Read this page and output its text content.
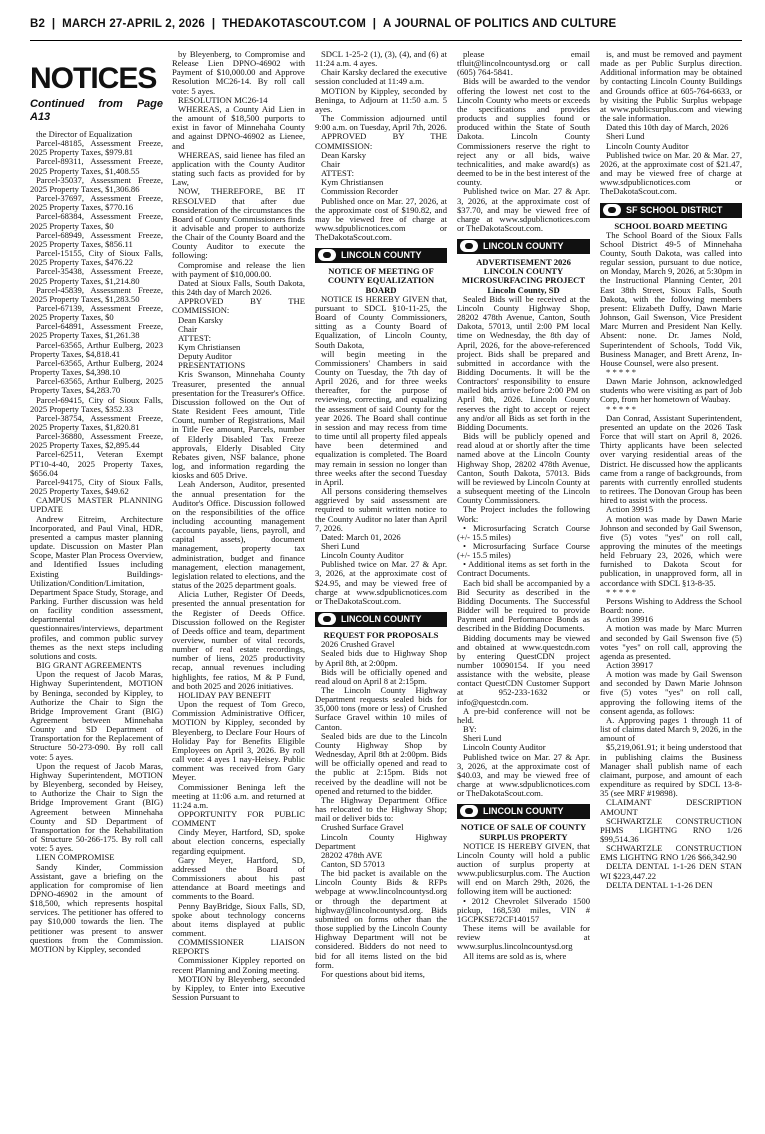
B2  |  MARCH 27-APRIL 2, 2026  |  THEDAKOTASCOUT.COM  |  A JOURNAL OF POLITICS AND CULTURE
NOTICES
Continued from Page A13

the Director of Equalization

Parcel-48185, Assessment Freeze, 2025 Property Taxes, $979.81

Parcel-89311, Assessment Freeze, 2025 Property Taxes, $1,408.55

Parcel-35037, Assessment Freeze, 2025 Property Taxes, $1,306.86

Parcel-37697, Assessment Freeze, 2025 Property Taxes, $770.16

Parcel-68384, Assessment Freeze, 2025 Property Taxes, $0

Parcel-68949, Assessment Freeze, 2025 Property Taxes, $856.11

Parcel-15155, City of Sioux Falls, 2025 Property Taxes, $476.22

Parcel-35438, Assessment Freeze, 2025 Property Taxes, $1,214.80

Parcel-45839, Assessment Freeze, 2025 Property Taxes, $1,283.50

Parcel-67139, Assessment Freeze, 2025 Property Taxes, $0

Parcel-64891, Assessment Freeze, 2025 Property Taxes, $1,261.38

Parcel-63565, Arthur Eulberg, 2023 Property Taxes, $4,818.41

Parcel-63565, Arthur Eulberg, 2024 Property Taxes, $4,398.10

Parcel-63565, Arthur Eulberg, 2025 Property Taxes, $4,283.70

Parcel-69415, City of Sioux Falls, 2025 Property Taxes, $352.33

Parcel-38754, Assessment Freeze, 2025 Property Taxes, $1,820.81

Parcel-36880, Assessment Freeze, 2025 Property Taxes, $2,895.44

Parcel-62511, Veteran Exempt PT10-4-40, 2025 Property Taxes, $656.04

Parcel-94175, City of Sioux Falls, 2025 Property Taxes, $49.62

CAMPUS MASTER PLANNING UPDATE

Andrew Eitreim, Architecture Incorporated, and Paul Vinal, HDR, presented a campus master planning update. Discussion on Master Plan Scope, Master Plan Process Overview, and Identified Issues including Existing Buildings-Utilization/Condition/Limitation, Department Space Study, Storage, and Parking. Further discussion was held on facility condition assessment, departmental questionnaires/interviews, department profiles, and common public survey themes as the next steps including solutions and costs.

BIG GRANT AGREEMENTS

Upon the request of Jacob Maras, Highway Superintendent, MOTION by Beninga, seconded by Kippley, to Authorize the Chair to Sign the Bridge Improvement Grant (BIG) Agreement between Minnehaha County and SD Department of Transportation for the Replacement of Structure 50-273-090. By roll call vote: 5 ayes.

Upon the request of Jacob Maras, Highway Superintendent, MOTION by Bleyenberg, seconded by Heisey, to Authorize the Chair to Sign the Bridge Improvement Grant (BIG) Agreement between Minnehaha County and SD Department of Transportation for the Rehabilitation of Structure 50-266-175. By roll call vote: 5 ayes.

LIEN COMPROMISE

Sandy Kinder, Commission Assistant, gave a briefing on the application for compromise of lien DPNO-46902 in the amount of $18,500, which represents hospital services. The petitioner has offered to pay $10,000 towards the lien. The petitioner was present to answer questions from the Commission. MOTION by Kippley, seconded

by Bleyenberg, to Compromise and Release Lien DPNO-46902 with Payment of $10,000.00 and Approve Resolution MC26-14. By roll call vote: 5 ayes.

RESOLUTION MC26-14

WHEREAS, a County Aid Lien in the amount of $18,500 purports to exist in favor of Minnehaha County and against DPNO-46902 as Lienee, and

WHEREAS, said lienee has filed an application with the County Auditor stating such facts as provided for by Law,

NOW, THEREFORE, BE IT RESOLVED that after due consideration of the circumstances the Board of County Commissioners finds it advisable and proper to authorize the Chair of the County Board and the County Auditor to execute the following:

Compromise and release the lien with payment of $10,000.00.

Dated at Sioux Falls, South Dakota, this 24th day of March 2026.

APPROVED BY THE COMMISSION:

Dean Karsky

Chair

ATTEST:

Kym Christiansen

Deputy Auditor

PRESENTATIONS

Kris Swanson, Minnehaha County Treasurer, presented the annual presentation for the Treasurer's Office. Discussion followed on the Out of State Resident Fees amount, Title Count, number of Registrations, Mail in Title Fee amount, Parcels, number of Elderly Disabled Tax Freeze approvals, Elderly Disabled City Rebates given, NSF balance, phone log, and information regarding the kiosks and 605 Drive.

Leah Anderson, Auditor, presented the annual presentation for the Auditor's Office. Discussion followed on the responsibilities of the office including accounting management (accounts payable, liens, payroll, and capital assets), document management, property tax administration, budget and finance management, election management, legislation related to elections, and the status of the 2025 department goals.

Alicia Luther, Register Of Deeds, presented the annual presentation for the Register of Deeds Office. Discussion followed on the Register of Deeds office and team, department overview, number of vital records, number of real estate recordings, number of liens, 2025 productivity recap, annual revenues including highlights, fee ratios, M & P Fund, and both 2025 and 2026 initiatives.

HOLIDAY PAY BENEFIT

Upon the request of Tom Greco, Commission Administrative Officer, MOTION by Kippley, seconded by Bleyenberg, to Declare Four Hours of Holiday Pay for Benefits Eligible Employees on April 3, 2026. By roll call vote: 4 ayes 1 nay-Heisey. Public comment was received from Gary Meyer.

Commissioner Beninga left the meeting at 11:06 a.m. and returned at 11:24 a.m.

OPPORTUNITY FOR PUBLIC COMMENT

Cindy Meyer, Hartford, SD, spoke about election concerns, especially regarding equipment.

Gary Meyer, Hartford, SD, addressed the Board of Commissioners about his past attendance at Board meetings and comments to the Board.

Penny BayBridge, Sioux Falls, SD, spoke about technology concerns about items displayed at public comment.

COMMISSIONER LIAISON REPORTS

Commissioner Kippley reported on recent Planning and Zoning meeting.

MOTION by Bleyenberg, seconded by Kippley, to Enter into Executive Session Pursuant to

SDCL 1-25-2 (1), (3), (4), and (6) at 11:24 a.m. 4 ayes.

Chair Karsky declared the executive session concluded at 11:49 a.m.

MOTION by Kippley, seconded by Beninga, to Adjourn at 11:50 a.m. 5 ayes.

The Commission adjourned until 9:00 a.m. on Tuesday, April 7th, 2026.

APPROVED BY THE COMMISSION:

Dean Karsky

Chair

ATTEST:

Kym Christiansen

Commission Recorder

Published once on Mar. 27, 2026, at the approximate cost of $190.82, and may be viewed free of charge at www.sdpublicnotices.com or TheDakotaScout.com.

LINCOLN COUNTY

NOTICE OF MEETING OF COUNTY EQUALIZATION BOARD

NOTICE IS HEREBY GIVEN that, pursuant to SDCL §10-11-25, the Board of County Commissioners, sitting as a County Board of Equalization, of Lincoln County, South Dakota,

will begin meeting in the Commissioners' Chambers in said County on Tuesday, the 7th day of April 2026, and for three weeks thereafter, for the purpose of reviewing, correcting, and equalizing the assessment of said County for the year 2026. The Board shall continue in session and may recess from time to time until all property filed appeals have been determined and equalization is completed. The Board may remain in session no longer than three weeks after the second Tuesday in April.

All persons considering themselves aggrieved by said assessment are required to submit written notice to the County Auditor no later than April 7, 2026.

Dated: March 01, 2026

Sheri Lund

Lincoln County Auditor

Published twice on Mar. 27 & Apr. 3, 2026, at the approximate cost of $24.95, and may be viewed free of charge at www.sdpublicnotices.com or TheDakotaScout.com.

LINCOLN COUNTY

REQUEST FOR PROPOSALS

2026 Crushed Gravel

Sealed bids due to Highway Shop by April 8th, at 2:00pm.

Bids will be officially opened and read aloud on April 8 at 2:15pm.

The Lincoln County Highway Department requests sealed bids for 35,000 tons (more or less) of Crushed Surface Gravel within 10 miles of Canton.

Sealed bids are due to the Lincoln County Highway Shop by Wednesday, April 8th at 2:00pm. Bids will be officially opened and read to the public at 2:15pm. Bids not received by the deadline will not be opened and returned to the bidder.

The Highway Department Office has relocated to the Highway Shop; mail or deliver bids to:

Crushed Surface Gravel

Lincoln County Highway Department

28202 478th AVE

Canton, SD 57013

The bid packet is available on the Lincoln County Bids & RFPs webpage at www.lincolncountysd.org or through the department at highway@lincolncountysd.org. Bids submitted on forms other than the those supplied by the Lincoln County Highway Department will not be considered. Bidders do not need to bid for all items listed on the bid form.

For questions about bid items,

please email tfluit@lincolncountysd.org or call (605) 764-5841.

Bids will be awarded to the vendor offering the lowest net cost to the Lincoln County who meets or exceeds the specifications and provides products and supplies found or produced within the State of South Dakota. Lincoln County Commissioners reserve the right to reject any or all bids, waive technicalities, and make award(s) as deemed to be in the best interest of the county.

Published twice on Mar. 27 & Apr. 3, 2026, at the approximate cost of $37.70, and may be viewed free of charge at www.sdpublicnotices.com or TheDakotaScout.com.

LINCOLN COUNTY

ADVERTISEMENT 2026 LINCOLN COUNTY MICROSURFACING PROJECT

Lincoln County, SD

Sealed Bids will be received at the Lincoln County Highway Shop, 28202 478th Avenue, Canton, South Dakota, 57013, until 2:00 PM local time on Wednesday, the 8th day of April, 2026, for the above-referenced project. Bids shall be prepared and submitted in accordance with the Bidding Documents. It will be the Contractors' responsibility to ensure mailed bids arrive before 2:00 PM on April 8th, 2026. Lincoln County reserves the right to accept or reject any and/or all Bids as set forth in the Bidding Documents.

Bids will be publicly opened and read aloud at or shortly after the time named above at the Lincoln County Highway Shop, 28202 478th Avenue, Canton, South Dakota, 57013. Bids will be reviewed by Lincoln County at a subsequent meeting of the Lincoln County Commissioners.

The Project includes the following Work:

• Microsurfacing Scratch Course (+/- 15.5 miles)

• Microsurfacing Surface Course (+/- 15.5 miles)

• Additional items as set forth in the Contract Documents.

Each bid shall be accompanied by a Bid Security as described in the Bidding Documents. The Successful Bidder will be required to provide Payment and Performance Bonds as described in the Bidding Documents.

Bidding documents may be viewed and obtained at www.questcdn.com by entering QuestCDN project number 10090154. If you need assistance with the website, please contact QuestCDN Customer Support at 952-233-1632 or info@questcdn.com.

A pre-bid conference will not be held.

BY:

Sheri Lund

Lincoln County Auditor

Published twice on Mar. 27 & Apr. 3, 2026, at the approximate cost of $40.03, and may be viewed free of charge at www.sdpublicnotices.com or TheDakotaScout.com.

LINCOLN COUNTY

NOTICE OF SALE OF COUNTY SURPLUS PROPERTY

NOTICE IS HEREBY GIVEN, that Lincoln County will hold a public auction of surplus property at www.publicsurplus.com. The Auction will end on March 29th, 2026, the following item will be auctioned:

• 2012 Chevrolet Silverado 1500 pickup, 168,530 miles, VIN # 1GCPKSE72CF140157

These items will be available for review at www.surplus.lincolncountysd.org

All items are sold as is, where

is, and must be removed and payment made as per Public Surplus direction. Additional information may be obtained by contacting Lincoln County Buildings and Grounds office at 605-764-6633, or by visiting the Public Surplus webpage at www.publicsurplus.com and viewing the sale information.

Dated this 10th day of March, 2026

Sheri Lund

Lincoln County Auditor

Published twice on Mar. 20 & Mar. 27, 2026, at the approximate cost of $21.47, and may be viewed free of charge at www.sdpublicnotices.com or TheDakotaScout.com.

SF SCHOOL DISTRICT

SCHOOL BOARD MEETING

The School Board of the Sioux Falls School District 49-5 of Minnehaha County, South Dakota, was called into regular session, pursuant to due notice, on Monday, March 9, 2026, at 5:30pm in the Instructional Planning Center, 201 East 38th Street, Sioux Falls, South Dakota, with the following members present: Elizabeth Duffy, Dawn Marie Johnson, Gail Swenson, Vice President Marc Murren and President Nan Kelly. Absent: none. Dr. James Nold, Superintendent of Schools, Todd Vik, Business Manager, and Brett Arenz, In-House Counsel, were also present.

* * * * *

Dawn Marie Johnson, acknowledged students who were visiting as part of Job Corp, from her hometown of Waubay.

* * * * *

Dan Conrad, Assistant Superintendent, presented an update on the 2026 Task Force that will start on April 8, 2026. Thirty applicants have been selected over varying residential areas of the District. He discussed how the applicants came from a range of backgrounds, from parents with currently enrolled students to retirees. The Donovan Group has been hired to assist with the process.

Action 39915

A motion was made by Dawn Marie Johnson and seconded by Gail Swenson, five (5) votes "yes" on roll call, approving the minutes of the meetings held February 23, 2026, which were furnished to Dakota Scout for publication, in unapproved form, all in accordance with SDCL §13-8-35.

* * * * *

Persons Wishing to Address the School Board: none.

Action 39916

A motion was made by Marc Murren and seconded by Gail Swenson five (5) votes "yes" on roll call, approving the agenda as presented.

Action 39917

A motion was made by Gail Swenson and seconded by Dawn Marie Johnson five (5) votes "yes" on roll call, approving the following items of the consent agenda, as follows:

A. Approving pages 1 through 11 of list of claims dated March 9, 2026, in the amount of

$5,219,061.91; it being understood that in publishing claims the Business Manager shall publish name of each claimant, purpose, and amount of each expenditure as required by SDCL 13-8-35 (see MRF #19898).

CLAIMANT DESCRIPTION AMOUNT

SCHWARTZLE CONSTRUCTION PHMS LIGHTNG RNO 1/26 $99,514.36

SCHWARTZLE CONSTRUCTION EMS LIGHTNG RNO 1/26 $66,342.90

DELTA DENTAL 1-1-26 DEN STAN WI $223,447.22

DELTA DENTAL 1-1-26 DEN
